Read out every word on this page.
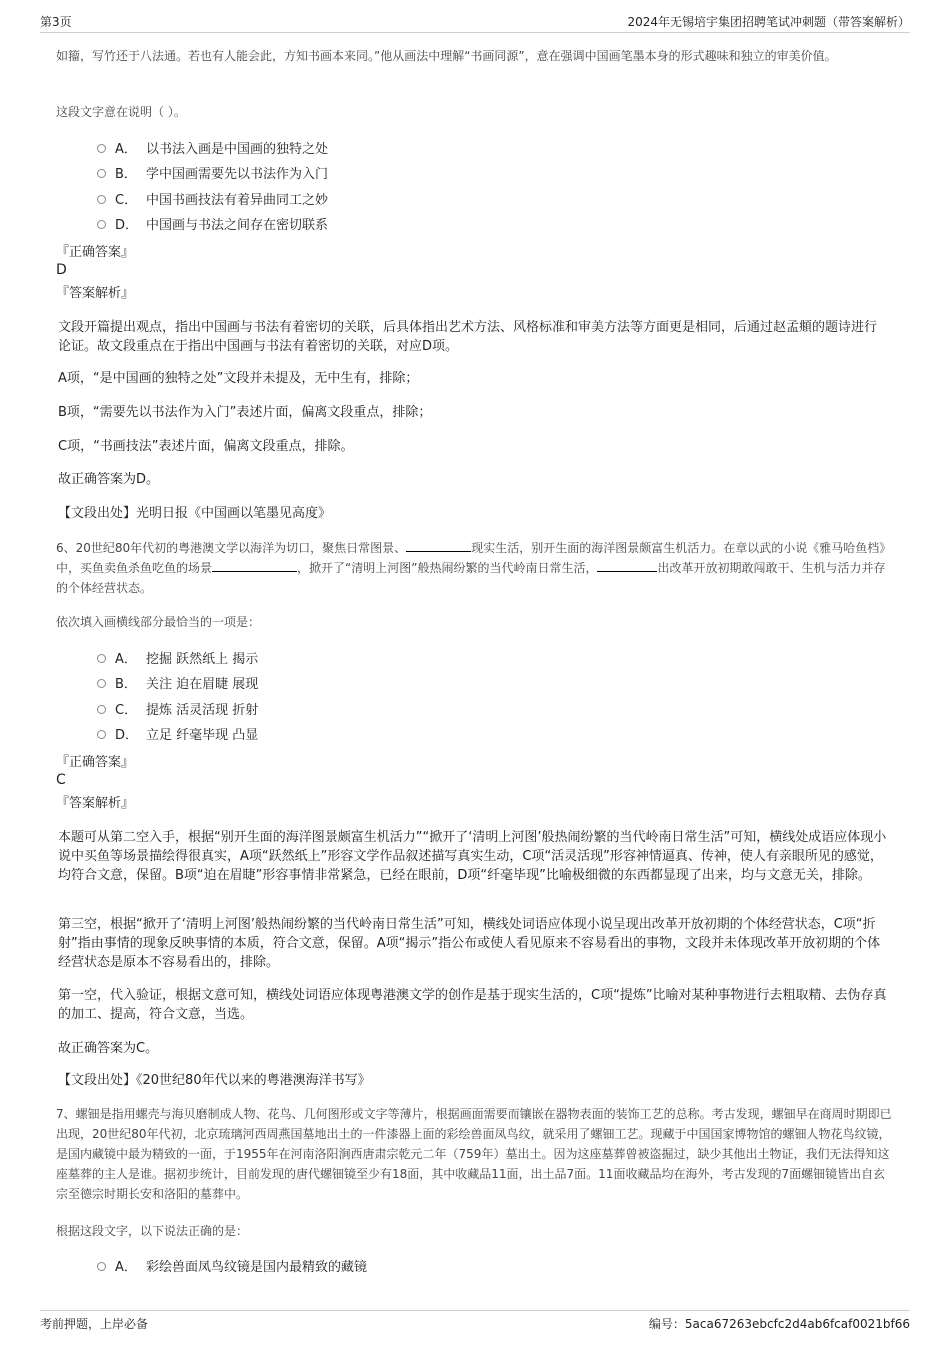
第3页	2024年无锡培宇集团招聘笔试冲刺题（带答案解析）

如籀，写竹还于八法通。若也有人能会此，方知书画本来同。”他从画法中理解“书画同源”，意在强调中国画笔墨本身的形式趣味和独立的审美价值。

这段文字意在说明（ ）。

A． 以书法入画是中国画的独特之处
B． 学中国画需要先以书法作为入门
C． 中国书画技法有着异曲同工之妙
D． 中国画与书法之间存在密切联系

『正确答案』

D

『答案解析』

文段开篇提出观点，指出中国画与书法有着密切的关联，后具体指出艺术方法、风格标准和审美方法等方面更是相同，后通过赵孟頫的题诗进行论证。故文段重点在于指出中国画与书法有着密切的关联，对应D项。

A项，“是中国画的独特之处”文段并未提及，无中生有，排除；

B项，“需要先以书法作为入门”表述片面，偏离文段重点，排除；

C项，“书画技法”表述片面，偏离文段重点，排除。

故正确答案为D。

【文段出处】光明日报《中国画以笔墨见高度》

6、20世纪80年代初的粤港澳文学以海洋为切口，聚焦日常图景、	现实生活，别开生面的海洋图景颇富生机活力。在章以武的小说《雅马哈鱼档》中，买鱼卖鱼杀鱼吃鱼的场景	，掀开了“清明上河图”般热闹纷繁的当代岭南日常生活，	出改革开放初期敢闯敢干、生机与活力并存的个体经营状态。

依次填入画横线部分最恰当的一项是：

A． 挖掘 跃然纸上 揭示
B． 关注 迫在眉睫 展现
C． 提炼 活灵活现 折射
D． 立足 纤毫毕现 凸显

『正确答案』

C

『答案解析』

本题可从第二空入手，根据“别开生面的海洋图景颇富生机活力”“掀开了‘清明上河图’般热闹纷繁的当代岭南日常生活”可知，横线处成语应体现小说中买鱼等场景描绘得很真实，A项“跃然纸上”形容文学作品叙述描写真实生动，C项“活灵活现”形容神情逼真、传神，使人有亲眼所见的感觉，均符合文意，保留。B项“迫在眉睫”形容事情非常紧急，已经在眼前，D项“纤毫毕现”比喻极细微的东西都显现了出来，均与文意无关，排除。

第三空，根据“掀开了‘清明上河图’般热闹纷繁的当代岭南日常生活”可知，横线处词语应体现小说呈现出改革开放初期的个体经营状态，C项“折射”指由事情的现象反映事情的本质，符合文意，保留。A项“揭示”指公布或使人看见原来不容易看出的事物，文段并未体现改革开放初期的个体经营状态是原本不容易看出的，排除。

第一空，代入验证，根据文意可知，横线处词语应体现粤港澳文学的创作是基于现实生活的，C项“提炼”比喻对某种事物进行去粗取精、去伪存真的加工、提高，符合文意，当选。

故正确答案为C。

【文段出处】《20世纪80年代以来的粤港澳海洋书写》

7、螺钿是指用螺壳与海贝磨制成人物、花鸟、几何图形或文字等薄片，根据画面需要而镶嵌在器物表面的装饰工艺的总称。考古发现，螺钿早在商周时期即已出现，20世纪80年代初，北京琉璃河西周燕国墓地出土的一件漆器上面的彩绘兽面凤鸟纹，就采用了螺钿工艺。现藏于中国国家博物馆的螺钿人物花鸟纹镜，是国内藏镜中最为精致的一面，于1955年在河南洛阳涧西唐肃宗乾元二年（759年）墓出土。因为这座墓葬曾被盗掘过，缺少其他出土物证，我们无法得知这座墓葬的主人是谁。据初步统计，目前发现的唐代螺钿镜至少有18面，其中收藏品11面，出土品7面。11面收藏品均在海外，考古发现的7面螺钿镜皆出自玄宗至德宗时期长安和洛阳的墓葬中。

根据这段文字，以下说法正确的是：

A． 彩绘兽面凤鸟纹镜是国内最精致的藏镜
考前押题，上岸必备	编号：5aca67263ebcfc2d4ab6fcaf0021bf66
